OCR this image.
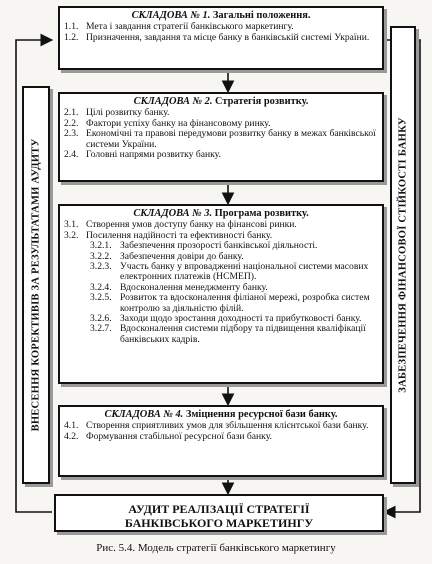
ВНЕСЕННЯ КОРЕКТИВІВ ЗА РЕЗУЛЬТАТАМИ АУДИТУ	ЗАБЕЗПЕЧЕННЯ ФІНАНСОВОЇ СТІЙКОСТІ БАНКУ
СКЛАДОВА № 1. Загальні положення.
1.1. Мета і завдання стратегії банківського маркетингу.
1.2. Призначення, завдання та місце банку в банківській системі України.
СКЛАДОВА № 2. Стратегія розвитку.
2.1. Цілі розвитку банку.
2.2. Фактори успіху банку на фінансовому ринку.
2.3. Економічні та правові передумови розвитку банку в межах банківської системи України.
2.4. Головні напрями розвитку банку.
СКЛАДОВА № 3. Програма розвитку.
3.1. Створення умов доступу банку на фінансові ринки.
3.2. Посилення надійності та ефективності банку.
3.2.1. Забезпечення прозорості банківської діяльності.
3.2.2. Забезпечення довіри до банку.
3.2.3. Участь банку у впровадженні національної системи масових електронних платежів (НСМЕП).
3.2.4. Вдосконалення менеджменту банку.
3.2.5. Розвиток та вдосконалення філіаної мережі, розробка систем контролю за діяльністю філій.
3.2.6. Заходи щодо зростання доходності та прибутковості банку.
3.2.7. Вдосконалення системи підбору та підвищення кваліфікації банківських кадрів.
СКЛАДОВА № 4. Зміцнення ресурсної бази банку.
4.1. Створення сприятливих умов для збільшення клієнтської бази банку.
4.2. Формування стабільної ресурсної бази банку.
АУДИТ РЕАЛІЗАЦІЇ СТРАТЕГІЇ
БАНКІВСЬКОГО МАРКЕТИНГУ
Рис. 5.4. Модель стратегії банківського маркетингу
